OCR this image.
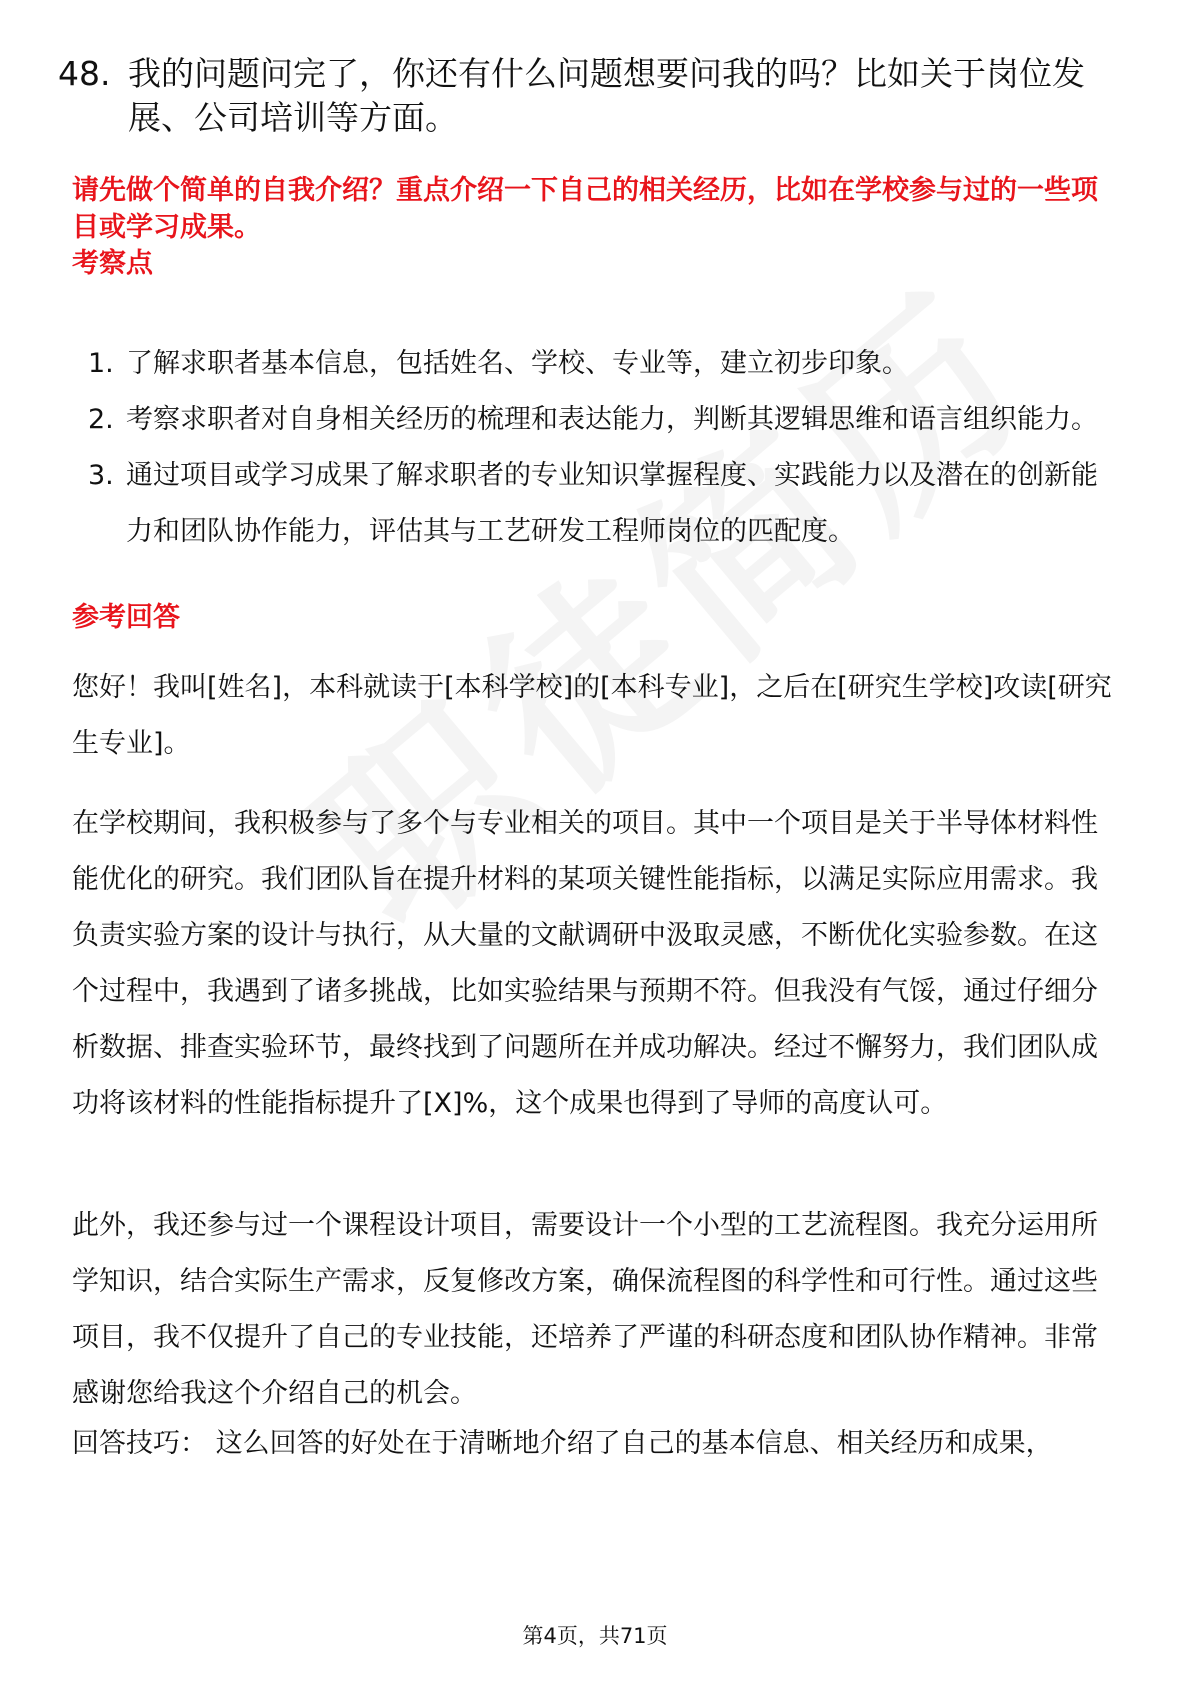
48. 我的问题问完了，你还有什么问题想要问我的吗？比如关于岗位发展、公司培训等方面。
请先做个简单的自我介绍？重点介绍一下自己的相关经历，比如在学校参与过的一些项目或学习成果。
考察点
1. 了解求职者基本信息，包括姓名、学校、专业等，建立初步印象。
2. 考察求职者对自身相关经历的梳理和表达能力，判断其逻辑思维和语言组织能力。
3. 通过项目或学习成果了解求职者的专业知识掌握程度、实践能力以及潜在的创新能力和团队协作能力，评估其与工艺研发工程师岗位的匹配度。
参考回答

您好！我叫[姓名]，本科就读于[本科学校]的[本科专业]，之后在[研究生学校]攻读[研究生专业]。

在学校期间，我积极参与了多个与专业相关的项目。其中一个项目是关于半导体材料性能优化的研究。我们团队旨在提升材料的某项关键性能指标，以满足实际应用需求。我负责实验方案的设计与执行，从大量的文献调研中汲取灵感，不断优化实验参数。在这个过程中，我遇到了诸多挑战，比如实验结果与预期不符。但我没有气馁，通过仔细分析数据、排查实验环节，最终找到了问题所在并成功解决。经过不懈努力，我们团队成功将该材料的性能指标提升了[X]%，这个成果也得到了导师的高度认可。

此外，我还参与过一个课程设计项目，需要设计一个小型的工艺流程图。我充分运用所学知识，结合实际生产需求，反复修改方案，确保流程图的科学性和可行性。通过这些项目，我不仅提升了自己的专业技能，还培养了严谨的科研态度和团队协作精神。非常感谢您给我这个介绍自己的机会。

回答技巧： 这么回答的好处在于清晰地介绍了自己的基本信息、相关经历和成果，

第4页，共71页
